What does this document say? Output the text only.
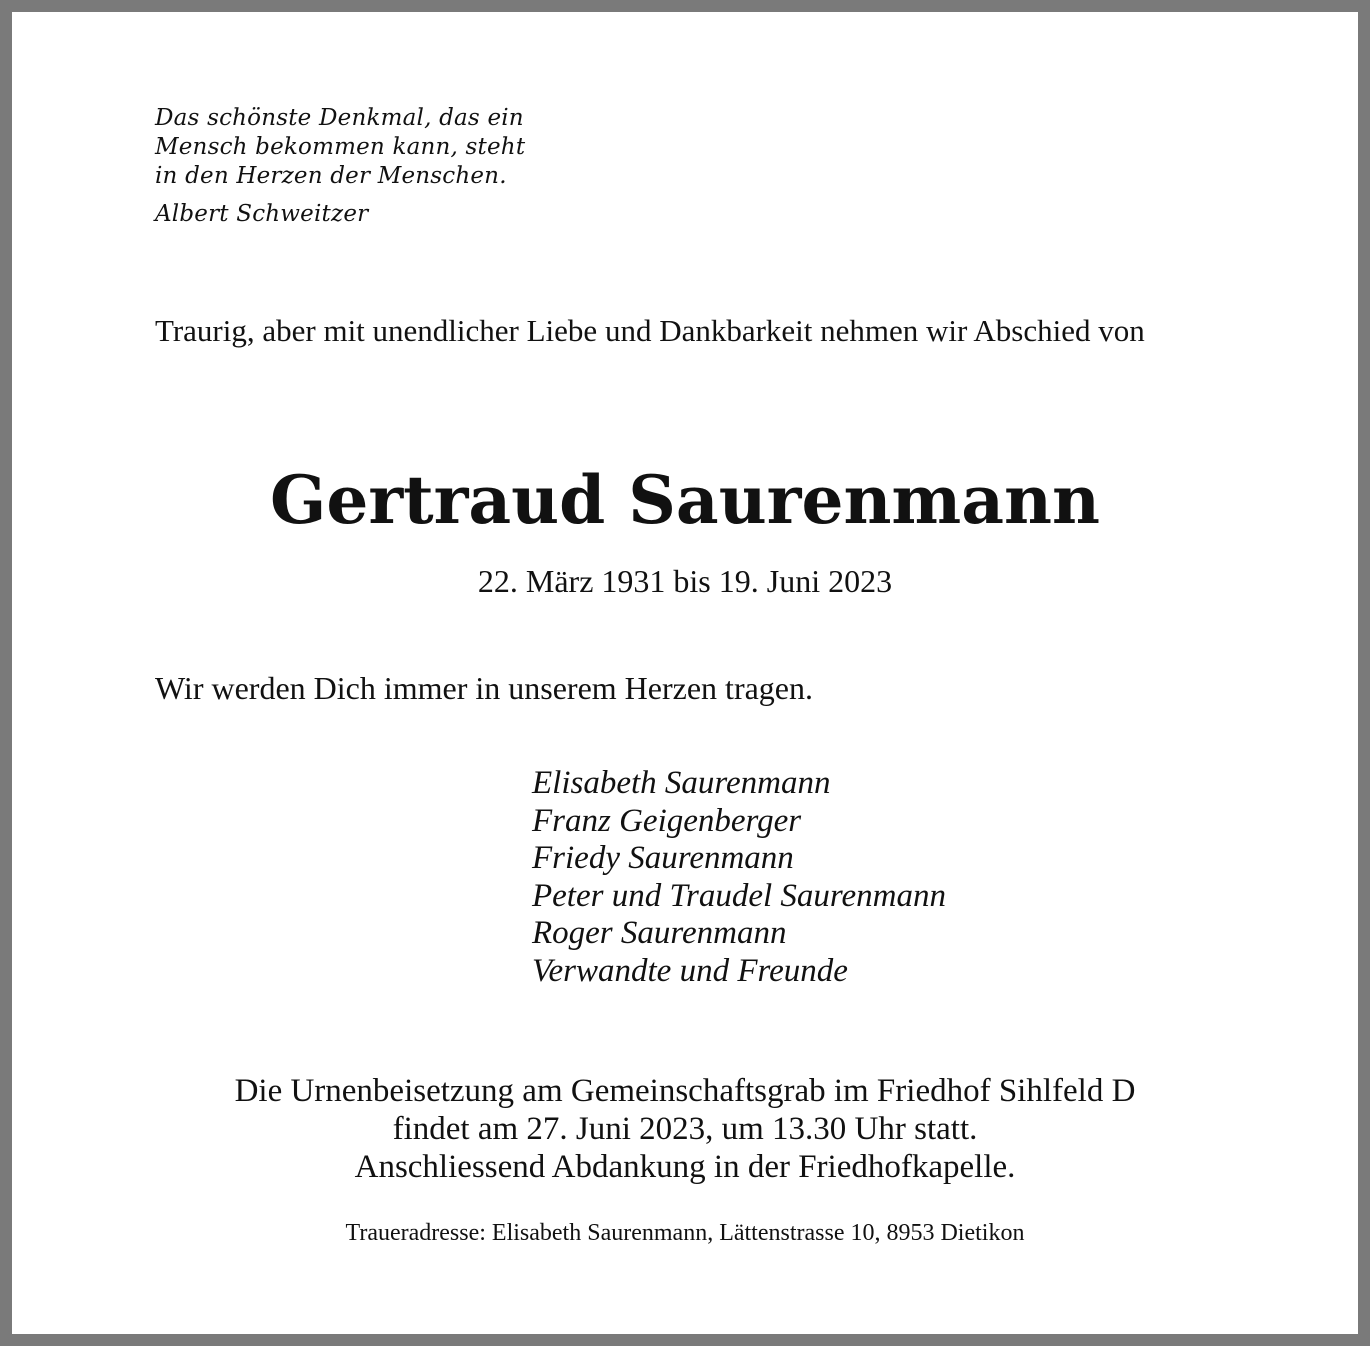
Das schönste Denkmal, das ein
Mensch bekommen kann, steht
in den Herzen der Menschen.
Albert Schweitzer
Traurig, aber mit unendlicher Liebe und Dankbarkeit nehmen wir Abschied von
Gertraud Saurenmann
22. März 1931 bis 19. Juni 2023
Wir werden Dich immer in unserem Herzen tragen.
Elisabeth Saurenmann
Franz Geigenberger
Friedy Saurenmann
Peter und Traudel Saurenmann
Roger Saurenmann
Verwandte und Freunde
Die Urnenbeisetzung am Gemeinschaftsgrab im Friedhof Sihlfeld D
findet am 27. Juni 2023, um 13.30 Uhr statt.
Anschliessend Abdankung in der Friedhofkapelle.
Traueradresse: Elisabeth Saurenmann, Lättenstrasse 10, 8953 Dietikon
